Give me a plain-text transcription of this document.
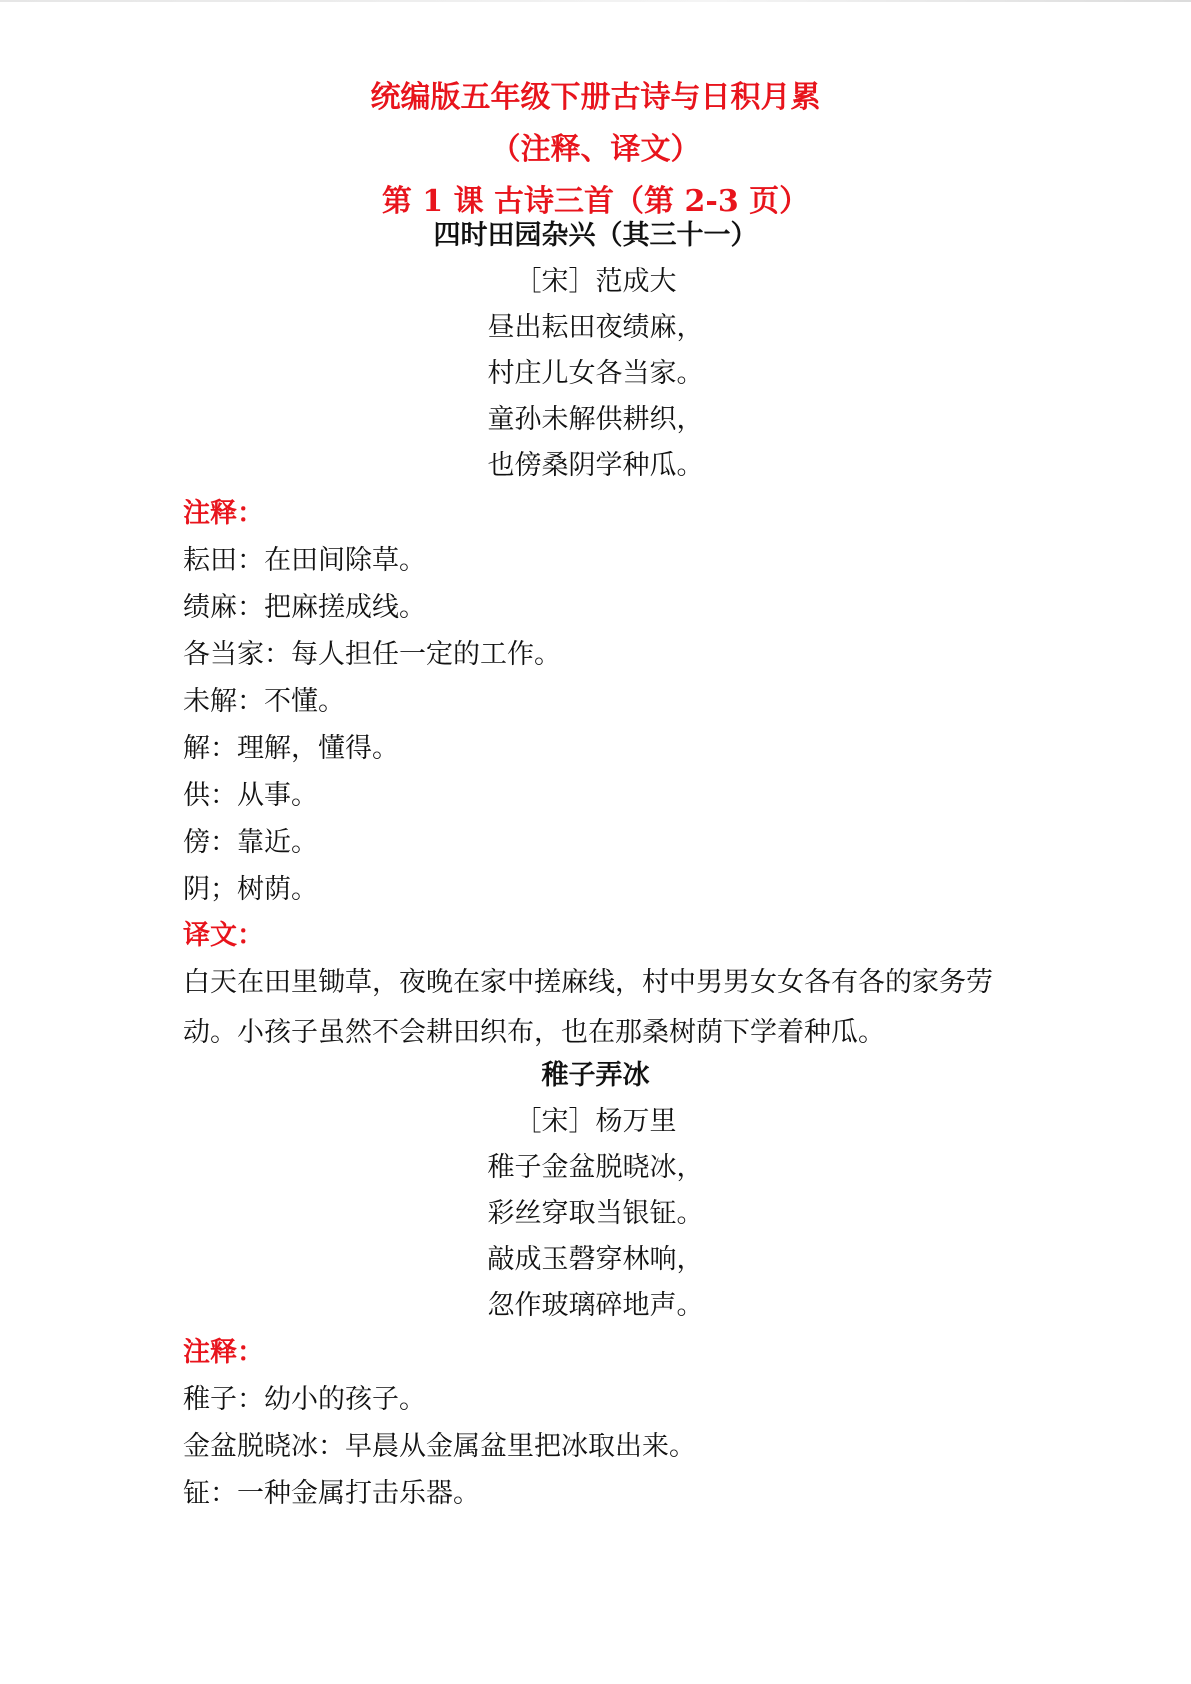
统编版五年级下册古诗与日积月累
（注释、译文）
第 1 课 古诗三首（第 2-3 页）
四时田园杂兴（其三十一）
［宋］范成大
昼出耘田夜绩麻，
村庄儿女各当家。
童孙未解供耕织，
也傍桑阴学种瓜。
注释：
耘田：在田间除草。
绩麻：把麻搓成线。
各当家：每人担任一定的工作。
未解：不懂。
解：理解，懂得。
供：从事。
傍：靠近。
阴；树荫。
译文：
白天在田里锄草，夜晚在家中搓麻线，村中男男女女各有各的家务劳动。小孩子虽然不会耕田织布，也在那桑树荫下学着种瓜。
稚子弄冰
［宋］杨万里
稚子金盆脱晓冰，
彩丝穿取当银钲。
敲成玉磬穿林响，
忽作玻璃碎地声。
注释：
稚子：幼小的孩子。
金盆脱晓冰：早晨从金属盆里把冰取出来。
钲：一种金属打击乐器。
